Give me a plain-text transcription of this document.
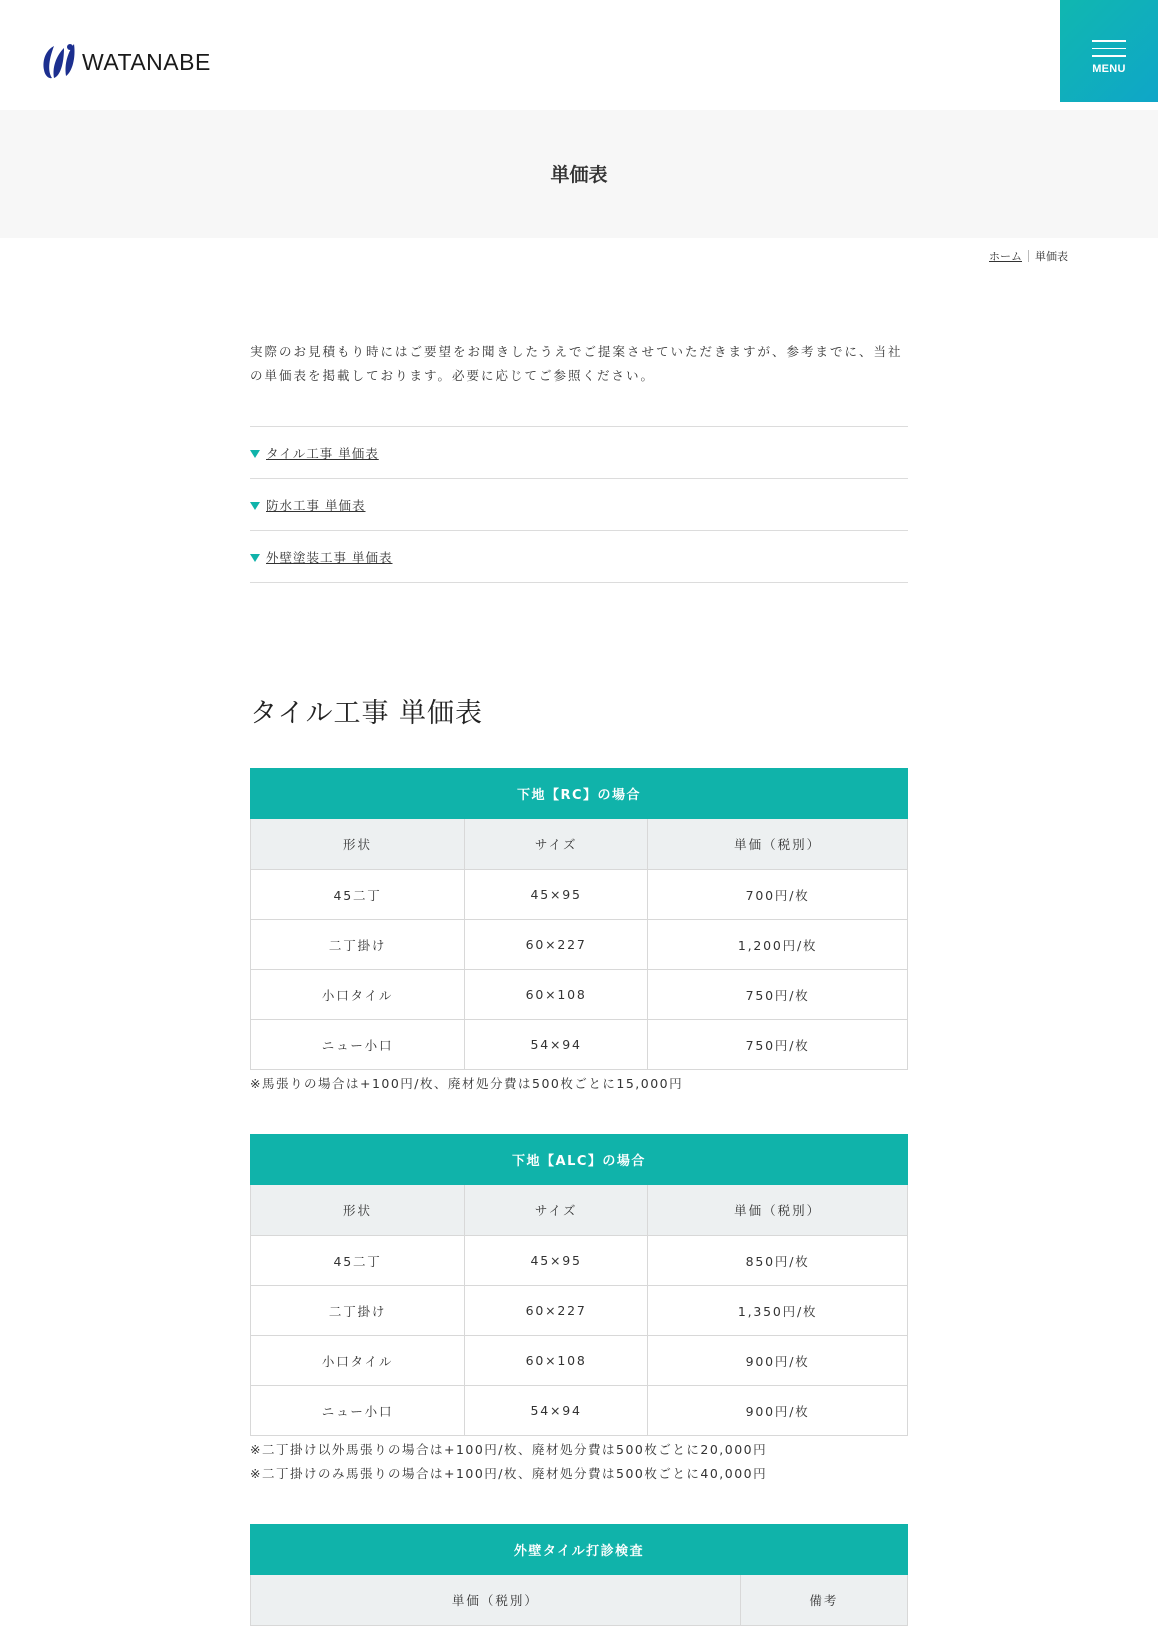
WATANABE	MENU
単価表
ホーム 単価表

実際のお見積もり時にはご要望をお聞きしたうえでご提案させていただきますが、参考までに、当社の単価表を掲載しております。必要に応じてご参照ください。

タイル工事 単価表
防水工事 単価表
外壁塗装工事 単価表
タイル工事 単価表
下地【RC】の場合		
形状	サイズ	単価（税別）
45二丁	45×95	700円/枚
二丁掛け	60×227	1,200円/枚
小口タイル	60×108	750円/枚
ニュー小口	54×94	750円/枚

※馬張りの場合は+100円/枚、廃材処分費は500枚ごとに15,000円

下地【ALC】の場合		
形状	サイズ	単価（税別）
45二丁	45×95	850円/枚
二丁掛け	60×227	1,350円/枚
小口タイル	60×108	900円/枚
ニュー小口	54×94	900円/枚

※二丁掛け以外馬張りの場合は+100円/枚、廃材処分費は500枚ごとに20,000円

※二丁掛けのみ馬張りの場合は+100円/枚、廃材処分費は500枚ごとに40,000円

外壁タイル打診検査
単価（税別）	備考
